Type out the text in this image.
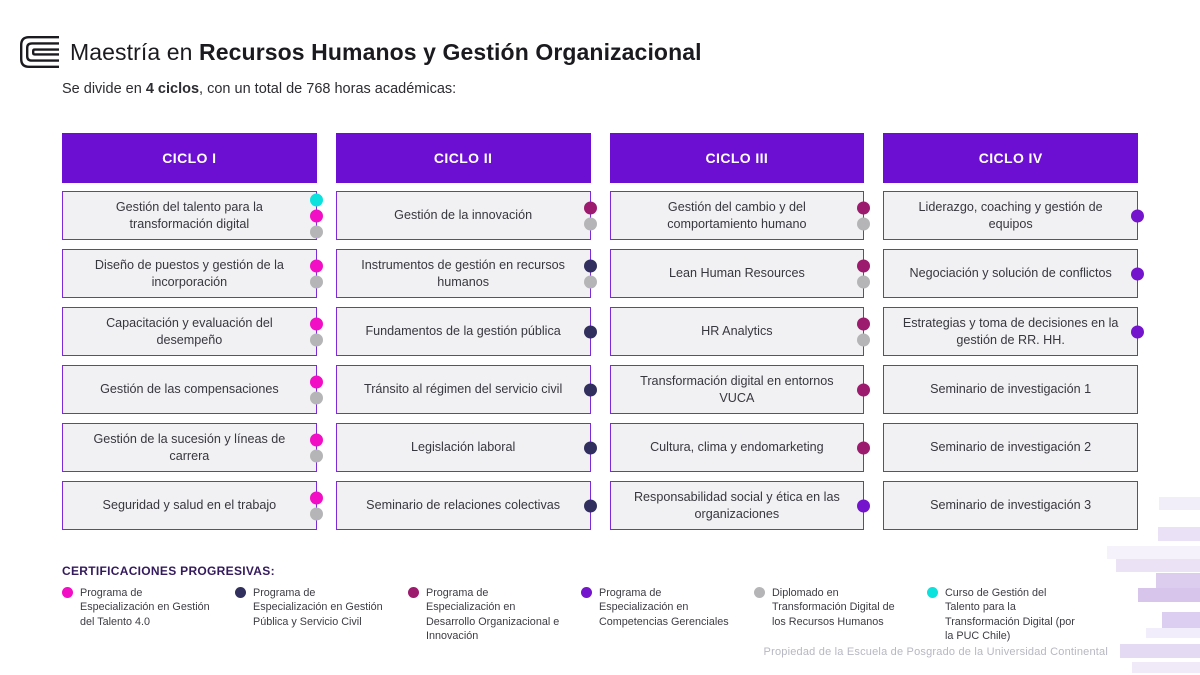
Maestría en Recursos Humanos y Gestión Organizacional

Se divide en 4 ciclos, con un total de 768 horas académicas:

CICLO I
Gestión del talento para la transformación digital
Diseño de puestos y gestión de la incorporación
Capacitación y evaluación del desempeño
Gestión de las compensaciones
Gestión de la sucesión y líneas de carrera
Seguridad y salud en el trabajo
CICLO II
Gestión de la innovación
Instrumentos de gestión en recursos humanos
Fundamentos de la gestión pública
Tránsito al régimen del servicio civil
Legislación laboral
Seminario de relaciones colectivas
CICLO III
Gestión del cambio y del comportamiento humano
Lean Human Resources
HR Analytics
Transformación digital en entornos VUCA
Cultura, clima y endomarketing
Responsabilidad social y ética en las organizaciones
CICLO IV
Liderazgo, coaching y gestión de equipos
Negociación y solución de conflictos
Estrategias y toma de decisiones en la gestión de RR. HH.
Seminario de investigación 1
Seminario de investigación 2
Seminario de investigación 3
CERTIFICACIONES PROGRESIVAS:
Programa de Especialización en Gestión del Talento 4.0
Programa de Especialización en Gestión Pública y Servicio Civil
Programa de Especialización en Desarrollo Organizacional e Innovación
Programa de Especialización en Competencias Gerenciales
Diplomado en Transformación Digital de los Recursos Humanos
Curso de Gestión del Talento para la Transformación Digital (por la PUC Chile)
Propiedad de la Escuela de Posgrado de la Universidad Continental
